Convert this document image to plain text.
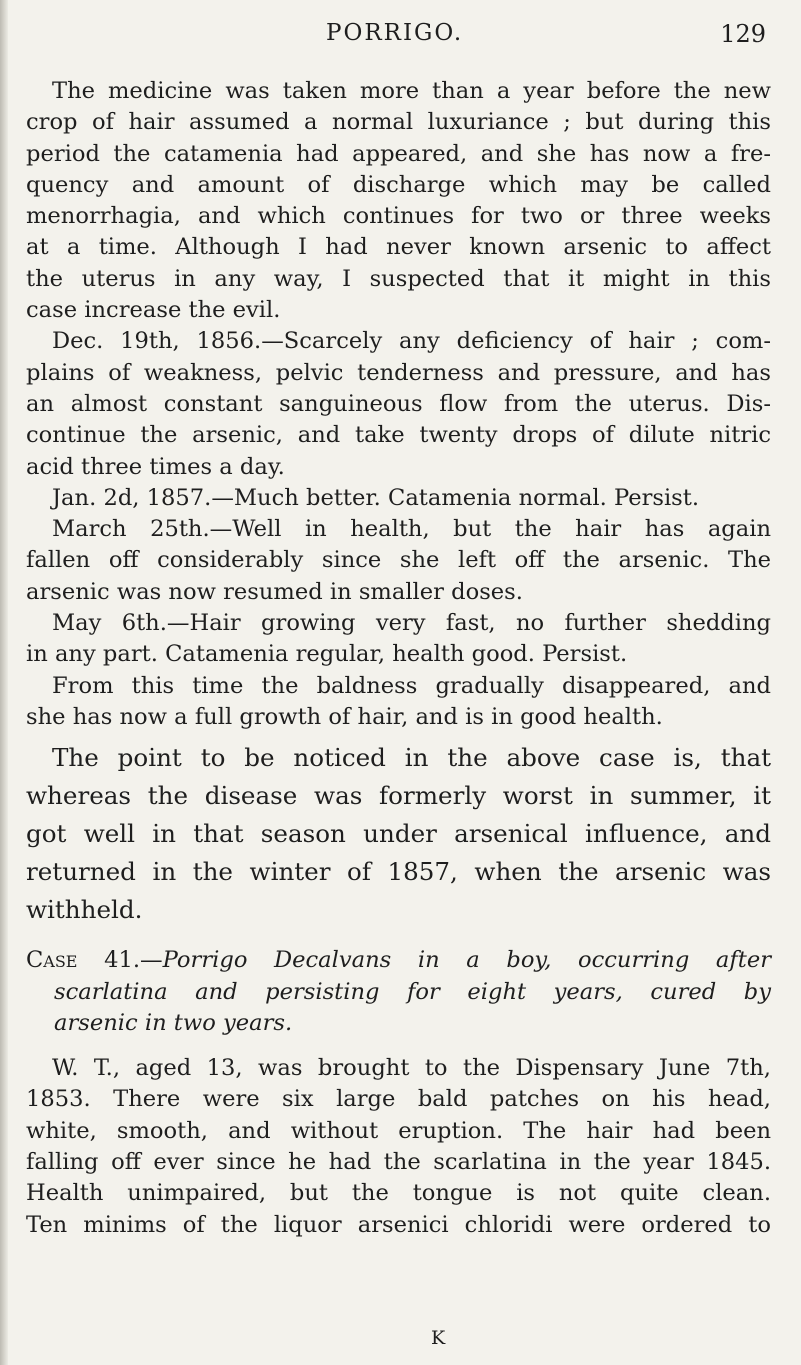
PORRIGO.	129
The medicine was taken more than a year before the new
crop of hair assumed a normal luxuriance ; but during this
period the catamenia had appeared, and she has now a fre-
quency and amount of discharge which may be called
menorrhagia, and which continues for two or three weeks
at a time. Although I had never known arsenic to affect
the uterus in any way, I suspected that it might in this
case increase the evil.
Dec. 19th, 1856.—Scarcely any deficiency of hair ; com-
plains of weakness, pelvic tenderness and pressure, and has
an almost constant sanguineous flow from the uterus. Dis-
continue the arsenic, and take twenty drops of dilute nitric
acid three times a day.
Jan. 2d, 1857.—Much better. Catamenia normal. Persist.
March 25th.—Well in health, but the hair has again
fallen off considerably since she left off the arsenic. The
arsenic was now resumed in smaller doses.
May 6th.—Hair growing very fast, no further shedding
in any part. Catamenia regular, health good. Persist.
From this time the baldness gradually disappeared, and
she has now a full growth of hair, and is in good health.
The point to be noticed in the above case is, that
whereas the disease was formerly worst in summer, it
got well in that season under arsenical influence, and
returned in the winter of 1857, when the arsenic was
withheld.
Case 41.—Porrigo Decalvans in a boy, occurring after
scarlatina and persisting for eight years, cured by
arsenic in two years.
W. T., aged 13, was brought to the Dispensary June 7th,
1853. There were six large bald patches on his head,
white, smooth, and without eruption. The hair had been
falling off ever since he had the scarlatina in the year 1845.
Health unimpaired, but the tongue is not quite clean.
Ten minims of the liquor arsenici chloridi were ordered to
K
